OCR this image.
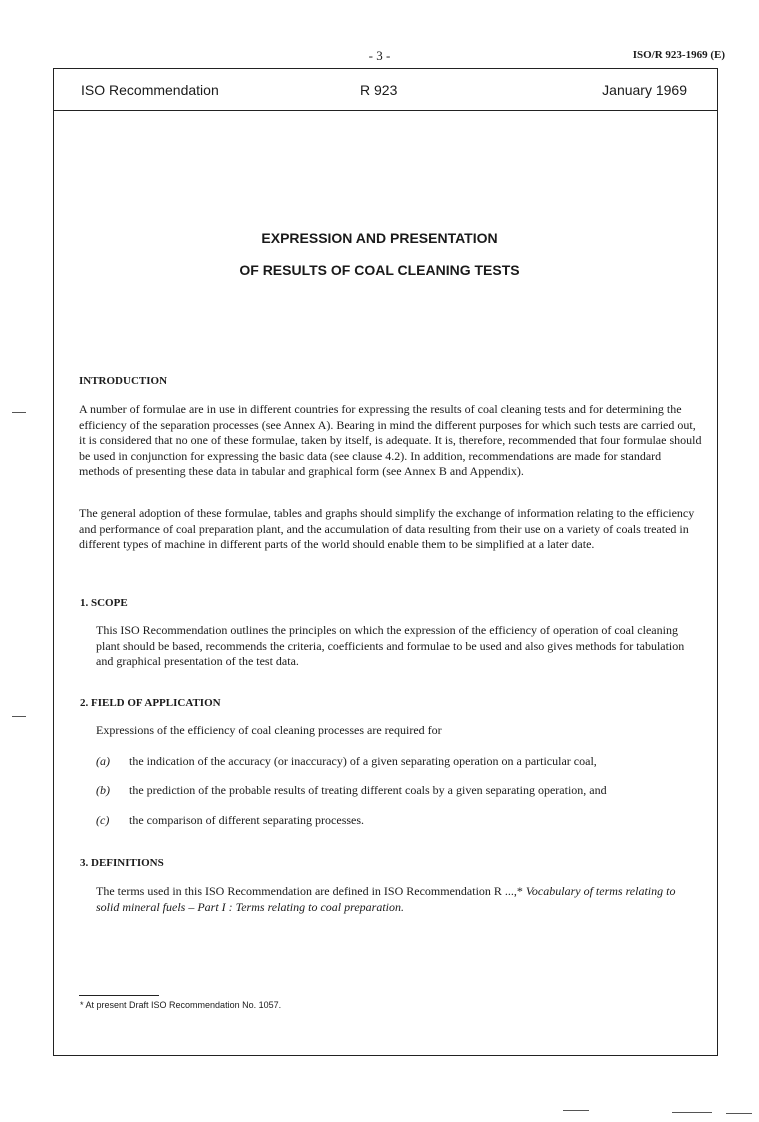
- 3 -	ISO/R 923-1969 (E)
ISO Recommendation	R 923	January 1969
EXPRESSION AND PRESENTATION
OF RESULTS OF COAL CLEANING TESTS
INTRODUCTION

A number of formulae are in use in different countries for expressing the results of coal cleaning tests and for determining the efficiency of the separation processes (see Annex A). Bearing in mind the different purposes for which such tests are carried out, it is considered that no one of these formulae, taken by itself, is adequate. It is, therefore, recommended that four formulae should be used in conjunction for expressing the basic data (see clause 4.2). In addition, recommendations are made for standard methods of presenting these data in tabular and graphical form (see Annex B and Appendix).

The general adoption of these formulae, tables and graphs should simplify the exchange of information relating to the efficiency and performance of coal preparation plant, and the accumulation of data resulting from their use on a variety of coals treated in different types of machine in different parts of the world should enable them to be simplified at a later date.

1. SCOPE

This ISO Recommendation outlines the principles on which the expression of the efficiency of operation of coal cleaning plant should be based, recommends the criteria, coefficients and formulae to be used and also gives methods for tabulation and graphical presentation of the test data.

2. FIELD OF APPLICATION
Expressions of the efficiency of coal cleaning processes are required for
(a) the indication of the accuracy (or inaccuracy) of a given separating operation on a particular coal,
(b) the prediction of the probable results of treating different coals by a given separating operation, and
(c) the comparison of different separating processes.
3. DEFINITIONS

The terms used in this ISO Recommendation are defined in ISO Recommendation R ...,* Vocabulary of terms relating to solid mineral fuels – Part I : Terms relating to coal preparation.

* At present Draft ISO Recommendation No. 1057.
